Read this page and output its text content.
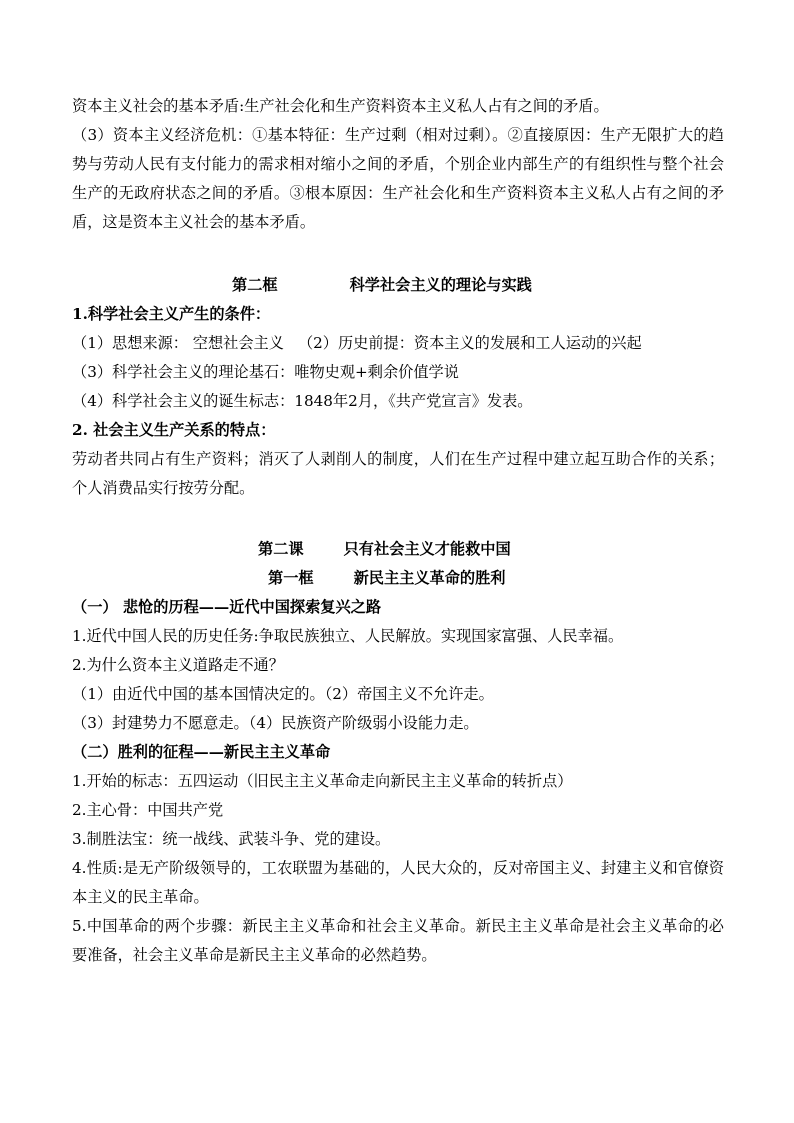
资本主义社会的基本矛盾:生产社会化和生产资料资本主义私人占有之间的矛盾。

（3）资本主义经济危机：①基本特征：生产过剩（相对过剩）。②直接原因：生产无限扩大的趋势与劳动人民有支付能力的需求相对缩小之间的矛盾，个别企业内部生产的有组织性与整个社会生产的无政府状态之间的矛盾。③根本原因：生产社会化和生产资料资本主义私人占有之间的矛盾，这是资本主义社会的基本矛盾。

第二框	科学社会主义的理论与实践

1.科学社会主义产生的条件：

（1）思想来源： 空想社会主义 （2）历史前提：资本主义的发展和工人运动的兴起

（3）科学社会主义的理论基石：唯物史观+剩余价值学说

（4）科学社会主义的诞生标志：1848年2月，《共产党宣言》发表。

2. 社会主义生产关系的特点：

劳动者共同占有生产资料；消灭了人剥削人的制度，人们在生产过程中建立起互助合作的关系；个人消费品实行按劳分配。

第二课	只有社会主义才能救中国

第一框	新民主主义革命的胜利

（一） 悲怆的历程——近代中国探索复兴之路

1.近代中国人民的历史任务:争取民族独立、人民解放。实现国家富强、人民幸福。

2.为什么资本主义道路走不通？

（1）由近代中国的基本国情决定的。（2）帝国主义不允许走。

（3）封建势力不愿意走。（4）民族资产阶级弱小设能力走。

（二）胜利的征程——新民主主义革命

1.开始的标志：五四运动（旧民主主义革命走向新民主主义革命的转折点）

2.主心骨：中国共产党

3.制胜法宝：统一战线、武装斗争、党的建设。

4.性质:是无产阶级领导的，工农联盟为基础的，人民大众的，反对帝国主义、封建主义和官僚资本主义的民主革命。

5.中国革命的两个步骤：新民主主义革命和社会主义革命。新民主主义革命是社会主义革命的必要准备，社会主义革命是新民主主义革命的必然趋势。
